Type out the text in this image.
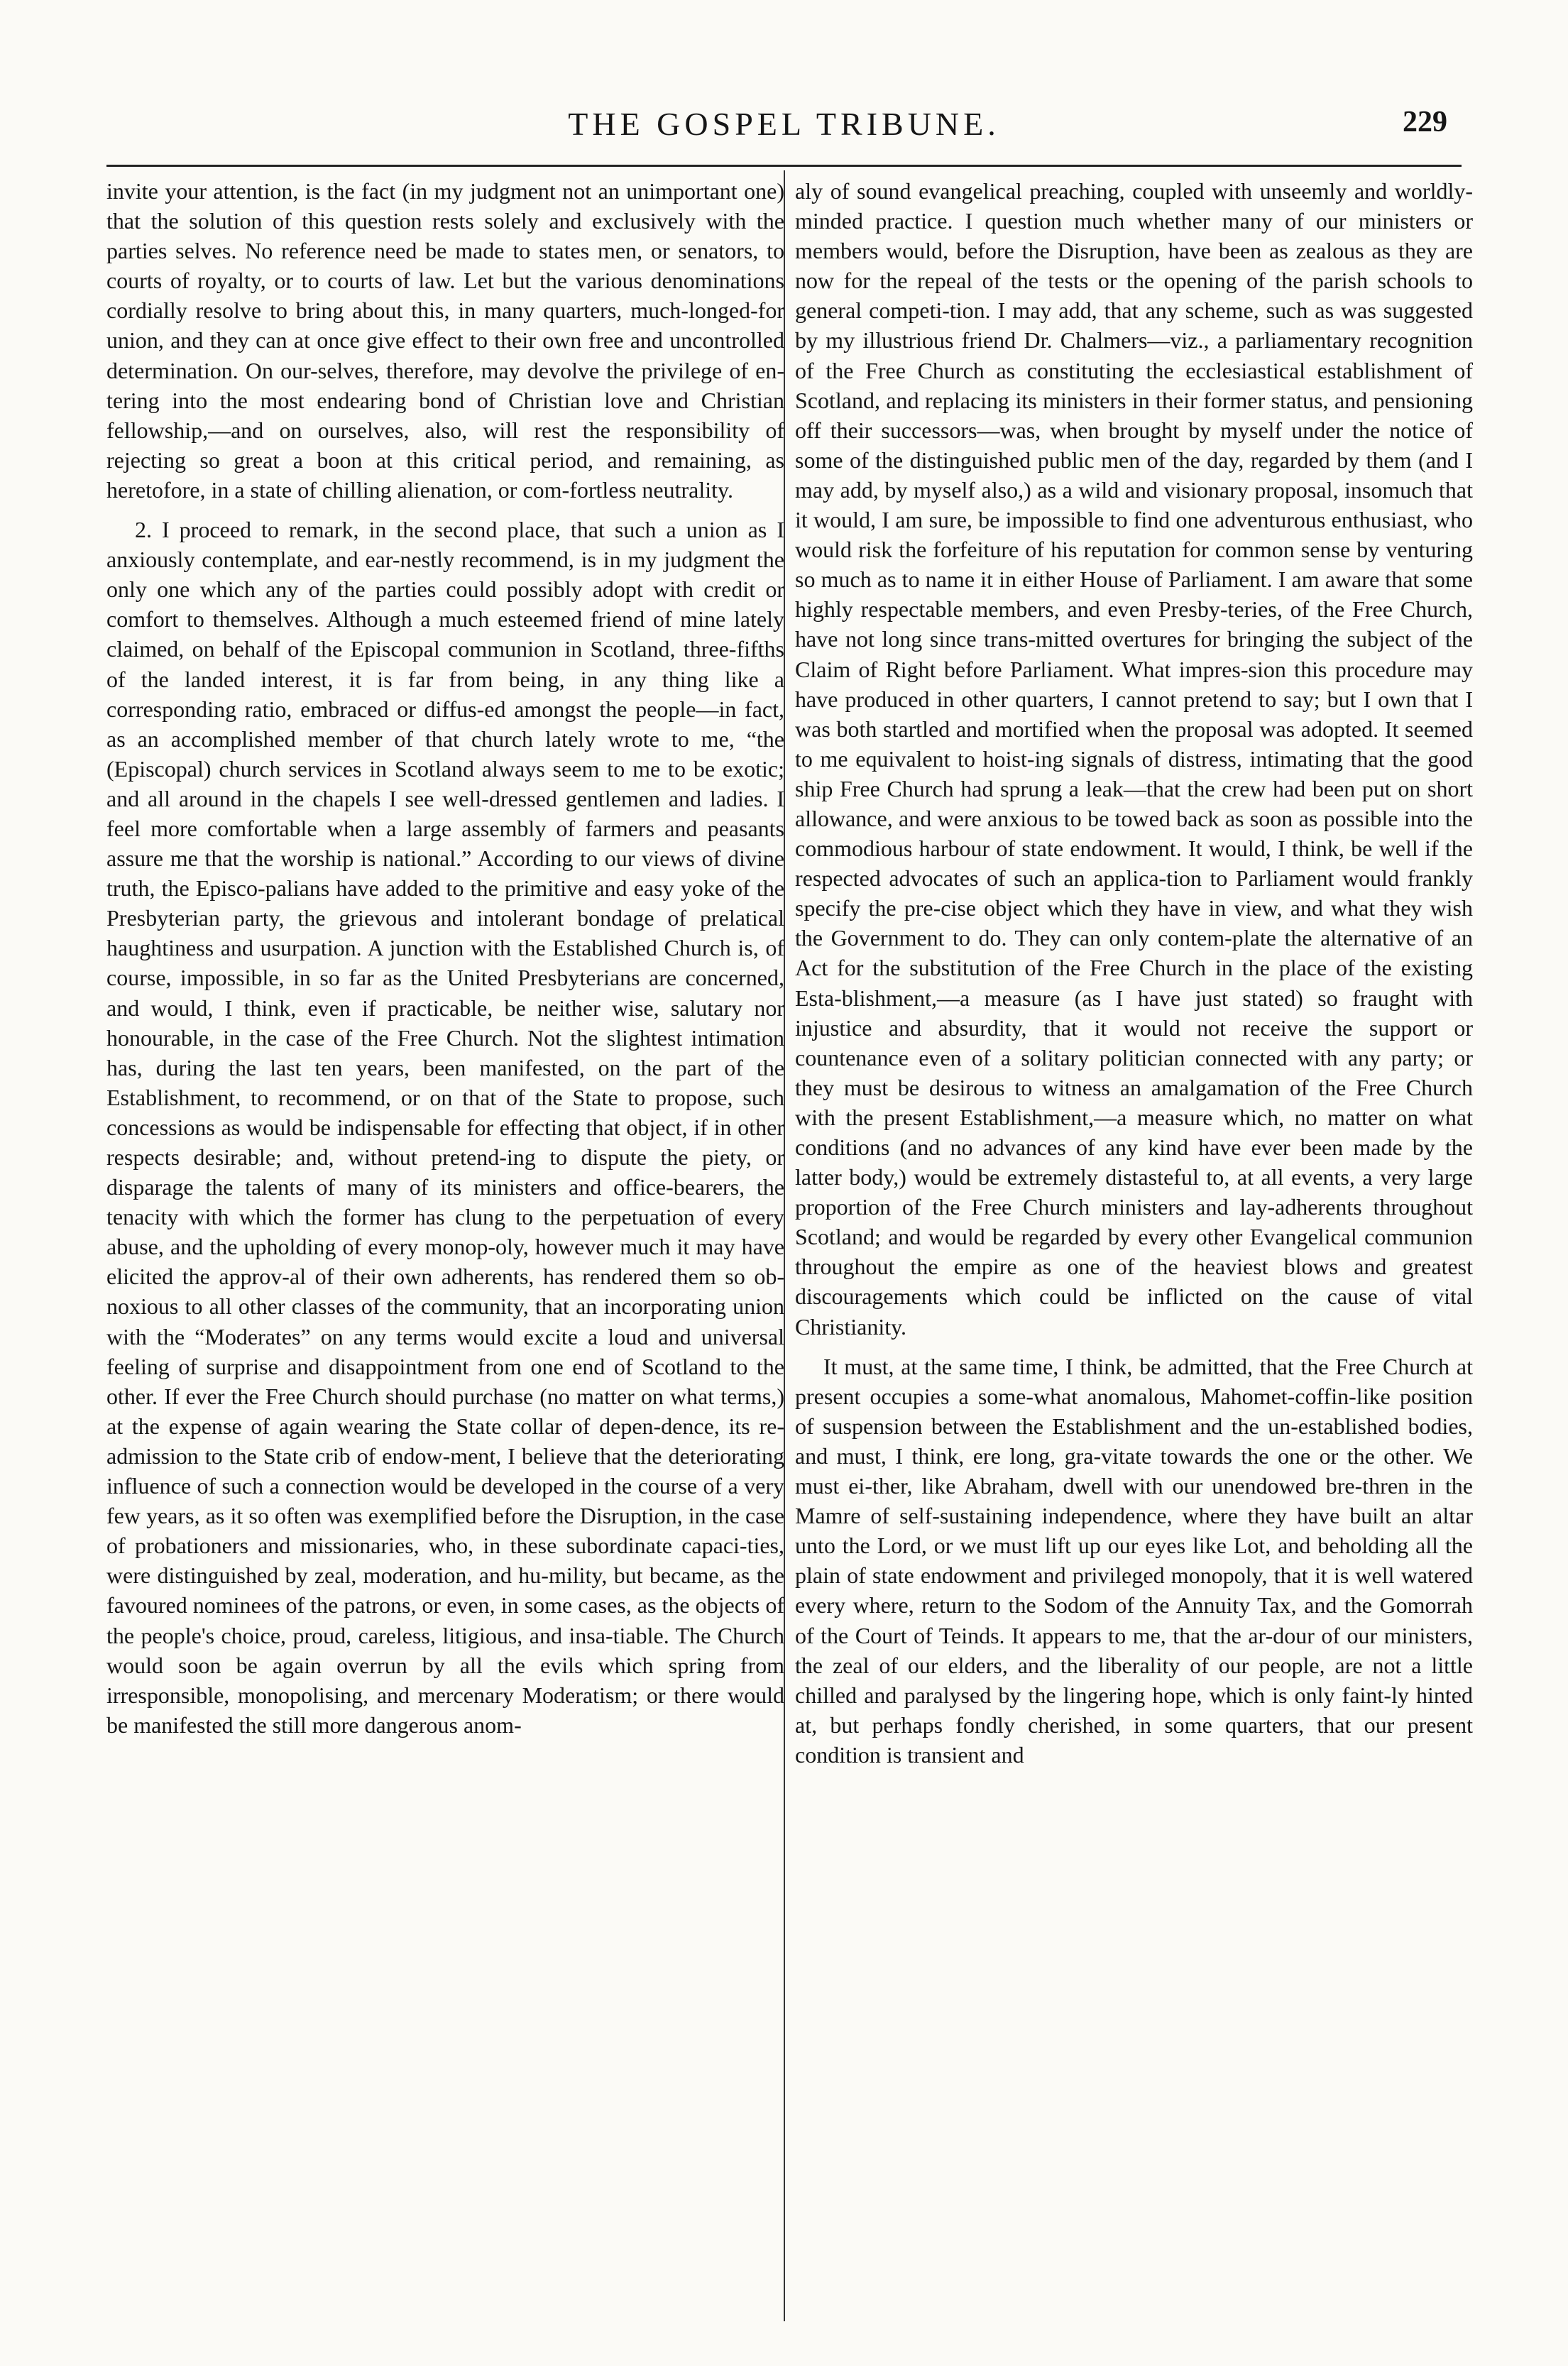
THE GOSPEL TRIBUNE.	229

invite your attention, is the fact (in my judgment not an unimportant one) that the solution of this question rests solely and exclusively with the parties selves. No reference need be made to states men, or senators, to courts of royalty, or to courts of law. Let but the various denominations cordially resolve to bring about this, in many quarters, much-longed-for union, and they can at once give effect to their own free and uncontrolled determination. On our-selves, therefore, may devolve the privilege of en-tering into the most endearing bond of Christian love and Christian fellowship,—and on ourselves, also, will rest the responsibility of rejecting so great a boon at this critical period, and remaining, as heretofore, in a state of chilling alienation, or com-fortless neutrality.

2. I proceed to remark, in the second place, that such a union as I anxiously contemplate, and ear-nestly recommend, is in my judgment the only one which any of the parties could possibly adopt with credit or comfort to themselves. Although a much esteemed friend of mine lately claimed, on behalf of the Episcopal communion in Scotland, three-fifths of the landed interest, it is far from being, in any thing like a corresponding ratio, embraced or diffus-ed amongst the people—in fact, as an accomplished member of that church lately wrote to me, “the (Episcopal) church services in Scotland always seem to me to be exotic; and all around in the chapels I see well-dressed gentlemen and ladies. I feel more comfortable when a large assembly of farmers and peasants assure me that the worship is national.” According to our views of divine truth, the Episco-palians have added to the primitive and easy yoke of the Presbyterian party, the grievous and intolerant bondage of prelatical haughtiness and usurpation. A junction with the Established Church is, of course, impossible, in so far as the United Presbyterians are concerned, and would, I think, even if practicable, be neither wise, salutary nor honourable, in the case of the Free Church. Not the slightest intimation has, during the last ten years, been manifested, on the part of the Establishment, to recommend, or on that of the State to propose, such concessions as would be indispensable for effecting that object, if in other respects desirable; and, without pretend-ing to dispute the piety, or disparage the talents of many of its ministers and office-bearers, the tenacity with which the former has clung to the perpetuation of every abuse, and the upholding of every monop-oly, however much it may have elicited the approv-al of their own adherents, has rendered them so ob-noxious to all other classes of the community, that an incorporating union with the “Moderates” on any terms would excite a loud and universal feeling of surprise and disappointment from one end of Scotland to the other. If ever the Free Church should purchase (no matter on what terms,) at the expense of again wearing the State collar of depen-dence, its re-admission to the State crib of endow-ment, I believe that the deteriorating influence of such a connection would be developed in the course of a very few years, as it so often was exemplified before the Disruption, in the case of probationers and missionaries, who, in these subordinate capaci-ties, were distinguished by zeal, moderation, and hu-mility, but became, as the favoured nominees of the patrons, or even, in some cases, as the objects of the people's choice, proud, careless, litigious, and insa-tiable. The Church would soon be again overrun by all the evils which spring from irresponsible, monopolising, and mercenary Moderatism; or there would be manifested the still more dangerous anom-

aly of sound evangelical preaching, coupled with unseemly and worldly-minded practice. I question much whether many of our ministers or members would, before the Disruption, have been as zealous as they are now for the repeal of the tests or the opening of the parish schools to general competi-tion. I may add, that any scheme, such as was suggested by my illustrious friend Dr. Chalmers—viz., a parliamentary recognition of the Free Church as constituting the ecclesiastical establishment of Scotland, and replacing its ministers in their former status, and pensioning off their successors—was, when brought by myself under the notice of some of the distinguished public men of the day, regarded by them (and I may add, by myself also,) as a wild and visionary proposal, insomuch that it would, I am sure, be impossible to find one adventurous enthusiast, who would risk the forfeiture of his reputation for common sense by venturing so much as to name it in either House of Parliament. I am aware that some highly respectable members, and even Presby-teries, of the Free Church, have not long since trans-mitted overtures for bringing the subject of the Claim of Right before Parliament. What impres-sion this procedure may have produced in other quarters, I cannot pretend to say; but I own that I was both startled and mortified when the proposal was adopted. It seemed to me equivalent to hoist-ing signals of distress, intimating that the good ship Free Church had sprung a leak—that the crew had been put on short allowance, and were anxious to be towed back as soon as possible into the commodious harbour of state endowment. It would, I think, be well if the respected advocates of such an applica-tion to Parliament would frankly specify the pre-cise object which they have in view, and what they wish the Government to do. They can only contem-plate the alternative of an Act for the substitution of the Free Church in the place of the existing Esta-blishment,—a measure (as I have just stated) so fraught with injustice and absurdity, that it would not receive the support or countenance even of a solitary politician connected with any party; or they must be desirous to witness an amalgamation of the Free Church with the present Establishment,—a measure which, no matter on what conditions (and no advances of any kind have ever been made by the latter body,) would be extremely distasteful to, at all events, a very large proportion of the Free Church ministers and lay-adherents throughout Scotland; and would be regarded by every other Evangelical communion throughout the empire as one of the heaviest blows and greatest discouragements which could be inflicted on the cause of vital Christianity.

It must, at the same time, I think, be admitted, that the Free Church at present occupies a some-what anomalous, Mahomet-coffin-like position of suspension between the Establishment and the un-established bodies, and must, I think, ere long, gra-vitate towards the one or the other. We must ei-ther, like Abraham, dwell with our unendowed bre-thren in the Mamre of self-sustaining independence, where they have built an altar unto the Lord, or we must lift up our eyes like Lot, and beholding all the plain of state endowment and privileged monopoly, that it is well watered every where, return to the Sodom of the Annuity Tax, and the Gomorrah of the Court of Teinds. It appears to me, that the ar-dour of our ministers, the zeal of our elders, and the liberality of our people, are not a little chilled and paralysed by the lingering hope, which is only faint-ly hinted at, but perhaps fondly cherished, in some quarters, that our present condition is transient and
